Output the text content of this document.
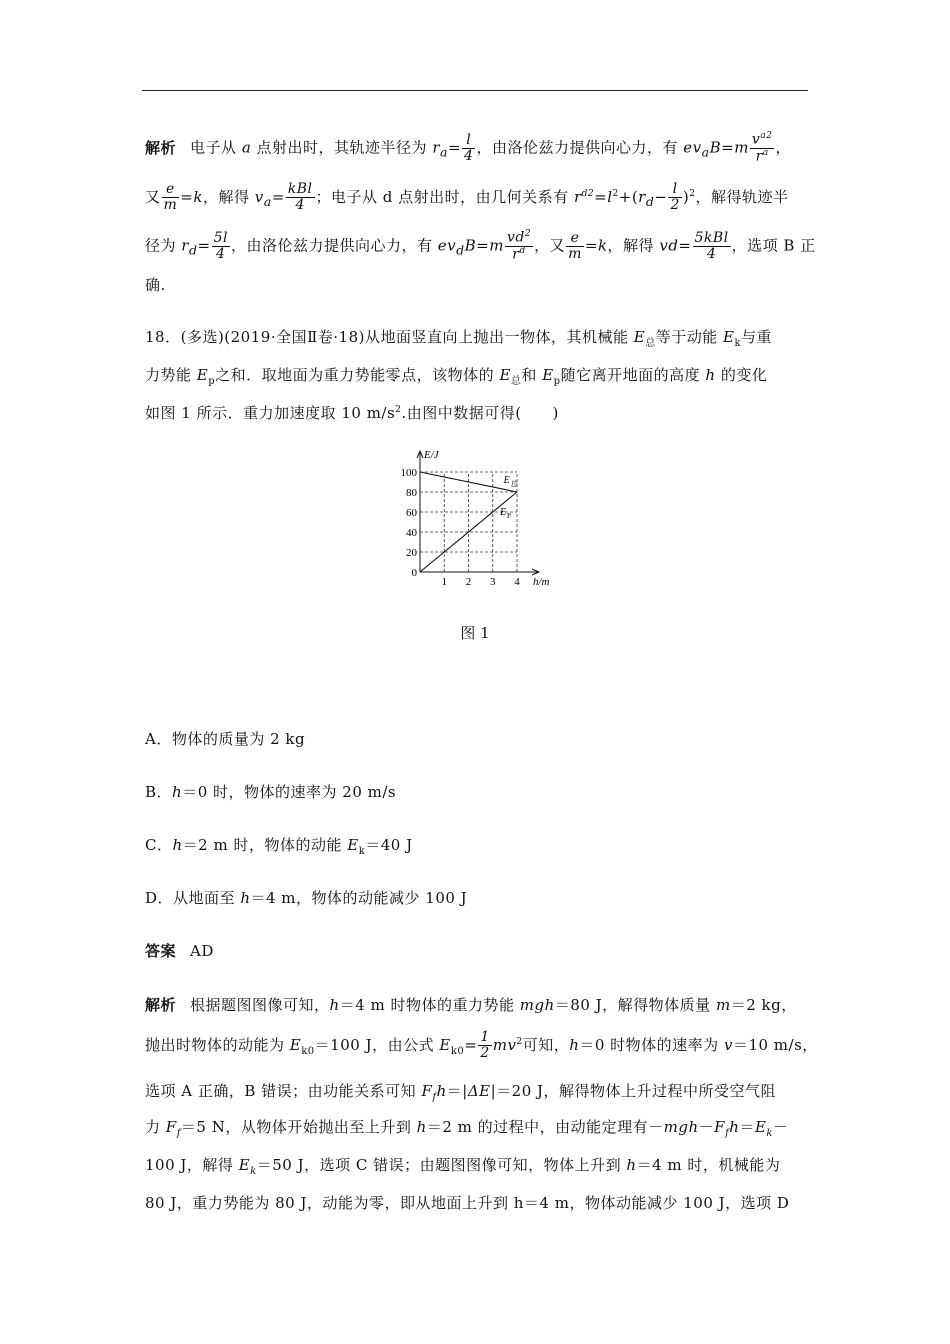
解析 电子从 a 点射出时，其轨迹半径为 $r_a= \frac{l}{4}$ ，由洛伦兹力提供向心力，有 $ev_aB=m \frac{v^{a2}}{r^a}$ ，
又 $\frac{e}{m} =k$，解得 $v_a= \frac{\text{kBl}}{4}$ ；电子从 d 点射出时，由几何关系有 $r^{d2}=l^2+(r_d- \frac{l}{2} )^2$，解得轨迹半
径为 $r_d= \frac{5l}{4}$ ，由洛伦兹力提供向心力，有 $ev_dB=m \frac{vd^2}{r^d}$ ，又 $\frac{e}{m} =k$，解得 $vd= \frac{\text{5kBl}}{4}$ ，选项 B 正
确.
18．(多选)(2019·全国Ⅱ卷·18)从地面竖直向上抛出一物体，其机械能 $E_总$等于动能 $E_k$与重
力势能 $E_p$之和．取地面为重力势能零点，该物体的 $E_总$和 $E_p$随它离开地面的高度 h 的变化
如图 1 所示．重力加速度取 10 $m/s^2$.由图中数据可得(　　)
E/J
h/m
0
20
40
60
80
100
1 2 3 4
E 总
E P
图 1
A．物体的质量为 2 kg
B．h＝0 时，物体的速率为 20 m/s
C．h＝2 m 时，物体的动能 $E_k=40$ J
D．从地面至 h＝4 m，物体的动能减少 100 J
答案 AD
解析 根据题图图像可知，h＝4 m 时物体的重力势能 mgh＝80 J，解得物体质量 m＝2 kg，
抛出时物体的动能为 $E_{k0}=100$ J，由公式 $E_{k0}= \frac{1}{2} mv^2$可知，h＝0 时物体的速率为 v＝10 m/s，
选项 A 正确，B 错误；由功能关系可知 $F_fh=|\Delta E|=20$ J，解得物体上升过程中所受空气阻
力 $F_f=5$ N，从物体开始抛出至上升到 h＝2 m 的过程中，由动能定理有$-mgh-F_fh=E_k-$
100 J，解得 $E_k=50$ J，选项 C 错误；由题图图像可知，物体上升到 h＝4 m 时，机械能为
80 J，重力势能为 80 J，动能为零，即从地面上升到 h＝4 m，物体动能减少 100 J，选项 D
